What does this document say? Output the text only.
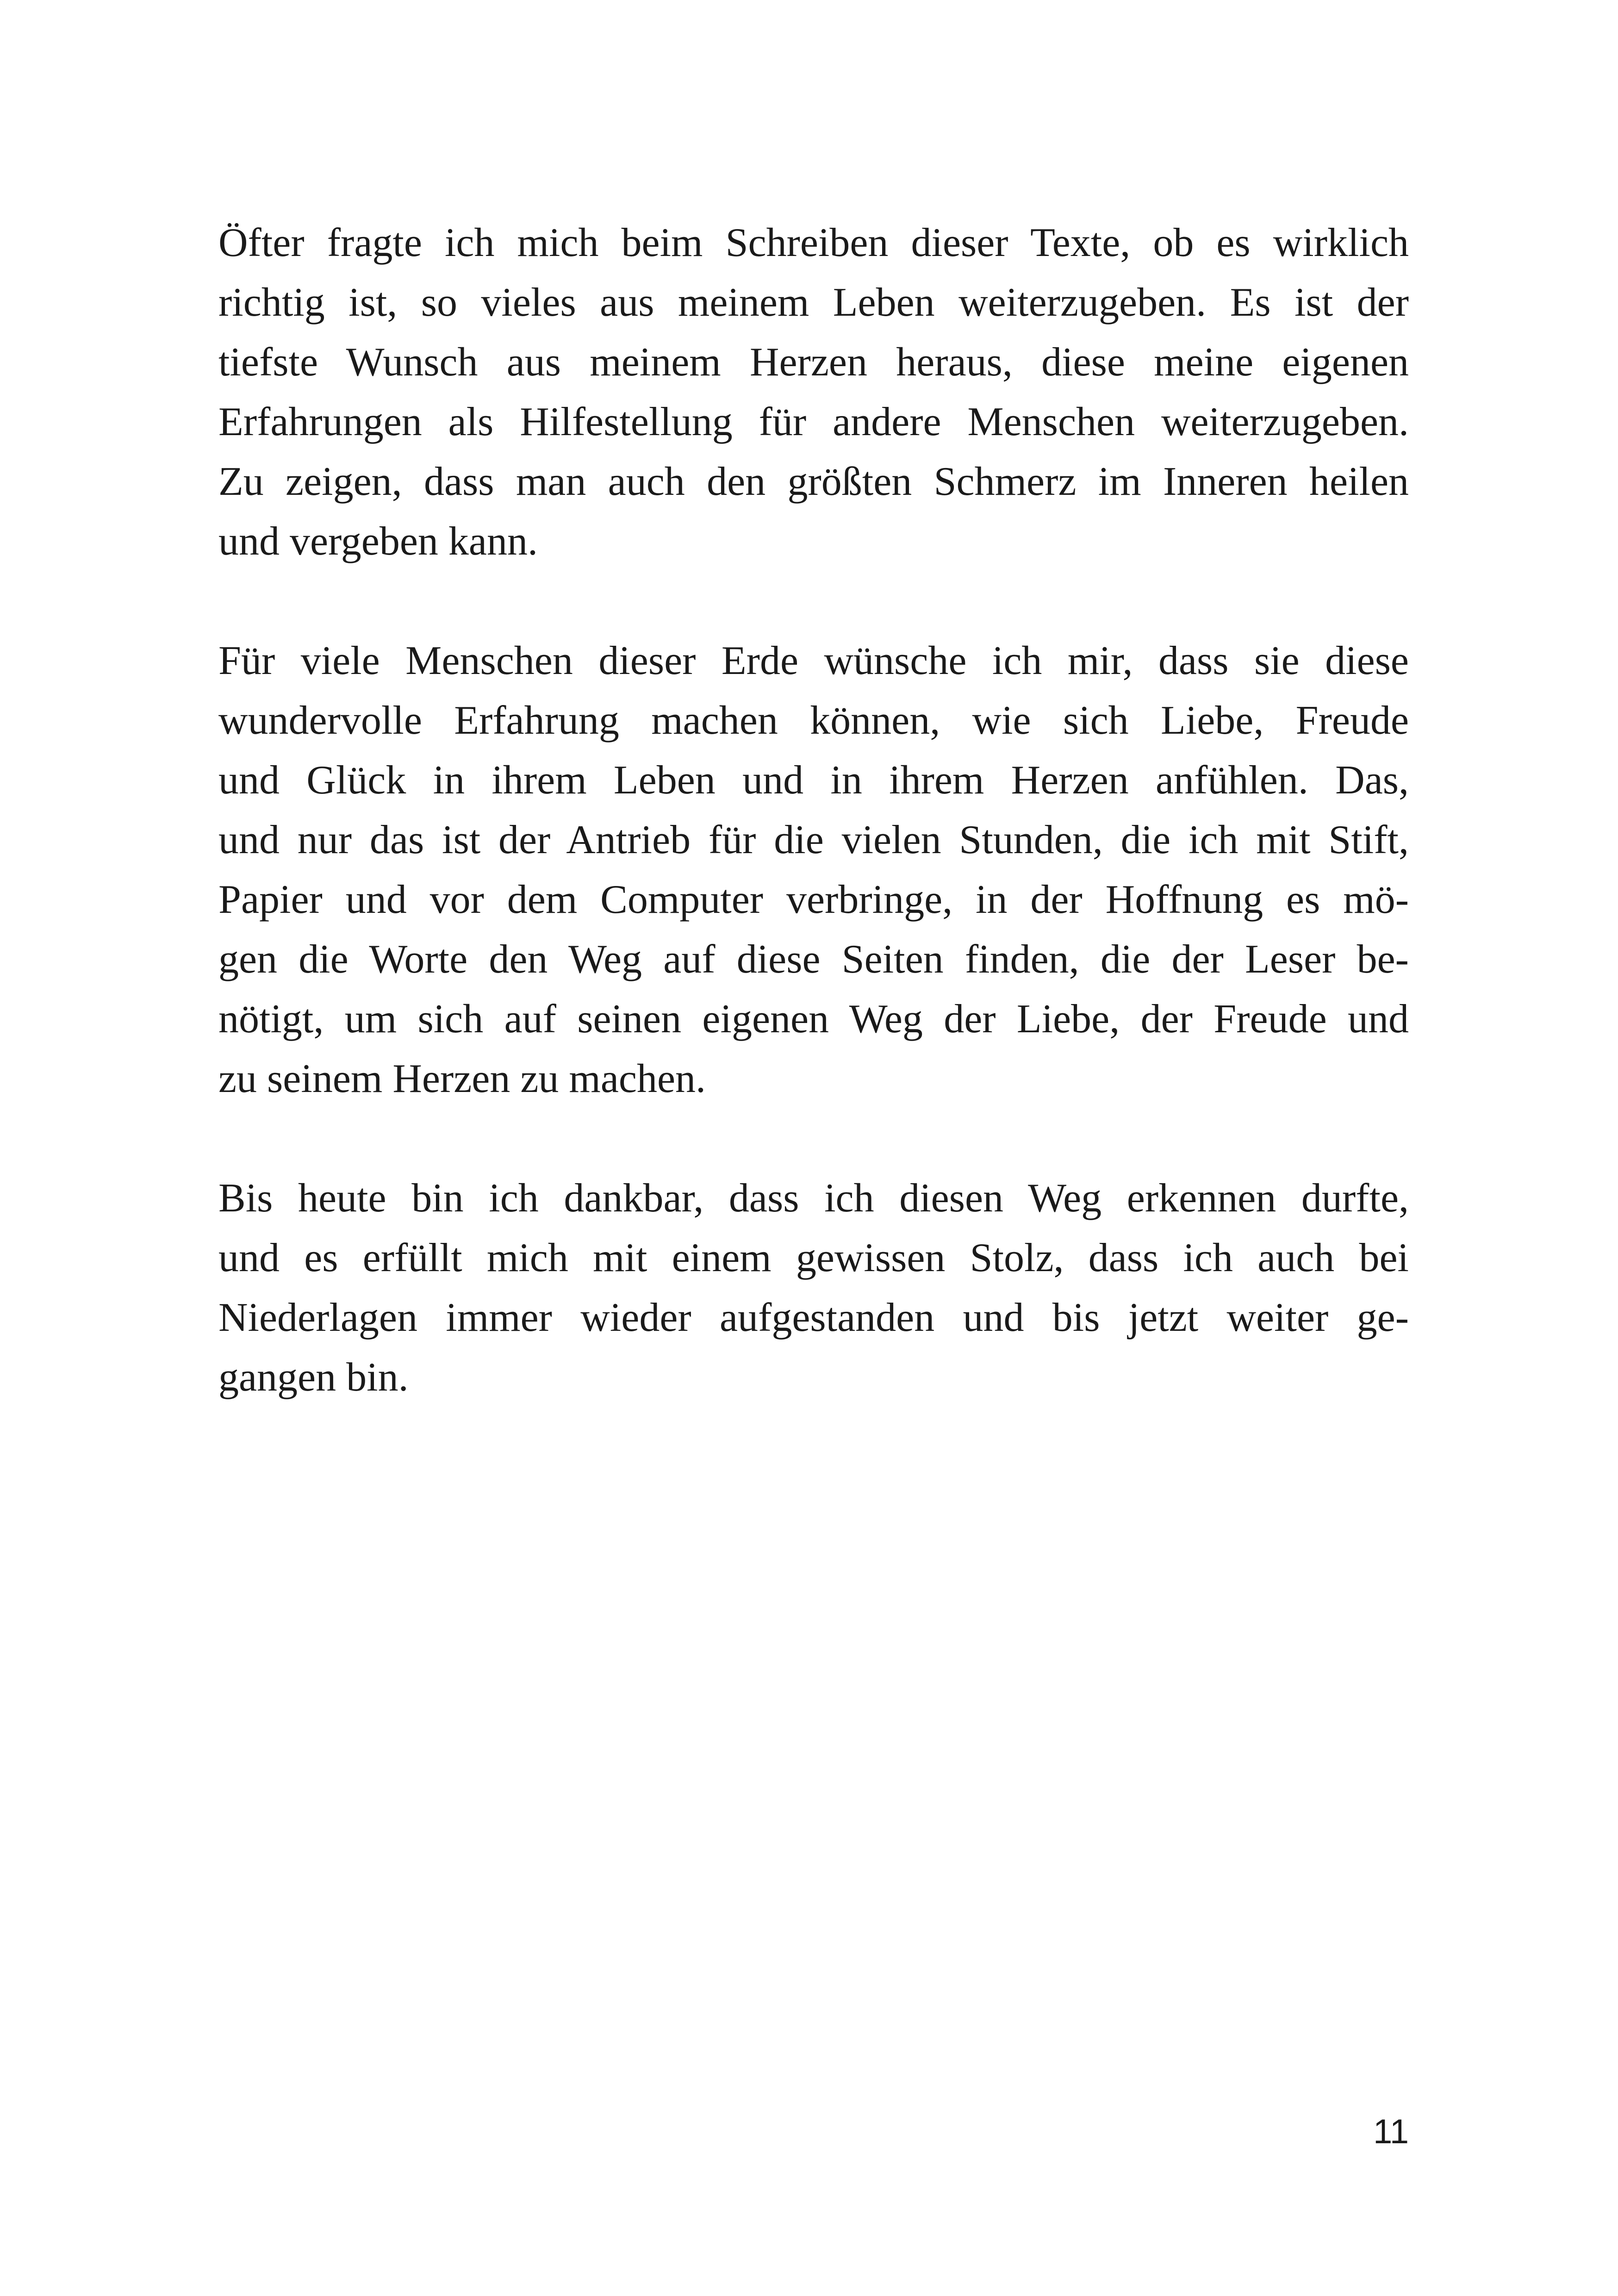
Öfter fragte ich mich beim Schreiben dieser Texte, ob es wirklich
richtig ist, so vieles aus meinem Leben weiterzugeben. Es ist der
tiefste Wunsch aus meinem Herzen heraus, diese meine eigenen
Erfahrungen als Hilfestellung für andere Menschen weiterzugeben.
Zu zeigen, dass man auch den größten Schmerz im Inneren heilen
und vergeben kann.

Für viele Menschen dieser Erde wünsche ich mir, dass sie diese
wundervolle Erfahrung machen können, wie sich Liebe, Freude
und Glück in ihrem Leben und in ihrem Herzen anfühlen. Das,
und nur das ist der Antrieb für die vielen Stunden, die ich mit Stift,
Papier und vor dem Computer verbringe, in der Hoffnung es mö-
gen die Worte den Weg auf diese Seiten finden, die der Leser be-
nötigt, um sich auf seinen eigenen Weg der Liebe, der Freude und
zu seinem Herzen zu machen.

Bis heute bin ich dankbar, dass ich diesen Weg erkennen durfte,
und es erfüllt mich mit einem gewissen Stolz, dass ich auch bei
Niederlagen immer wieder aufgestanden und bis jetzt weiter ge-
gangen bin.

11
